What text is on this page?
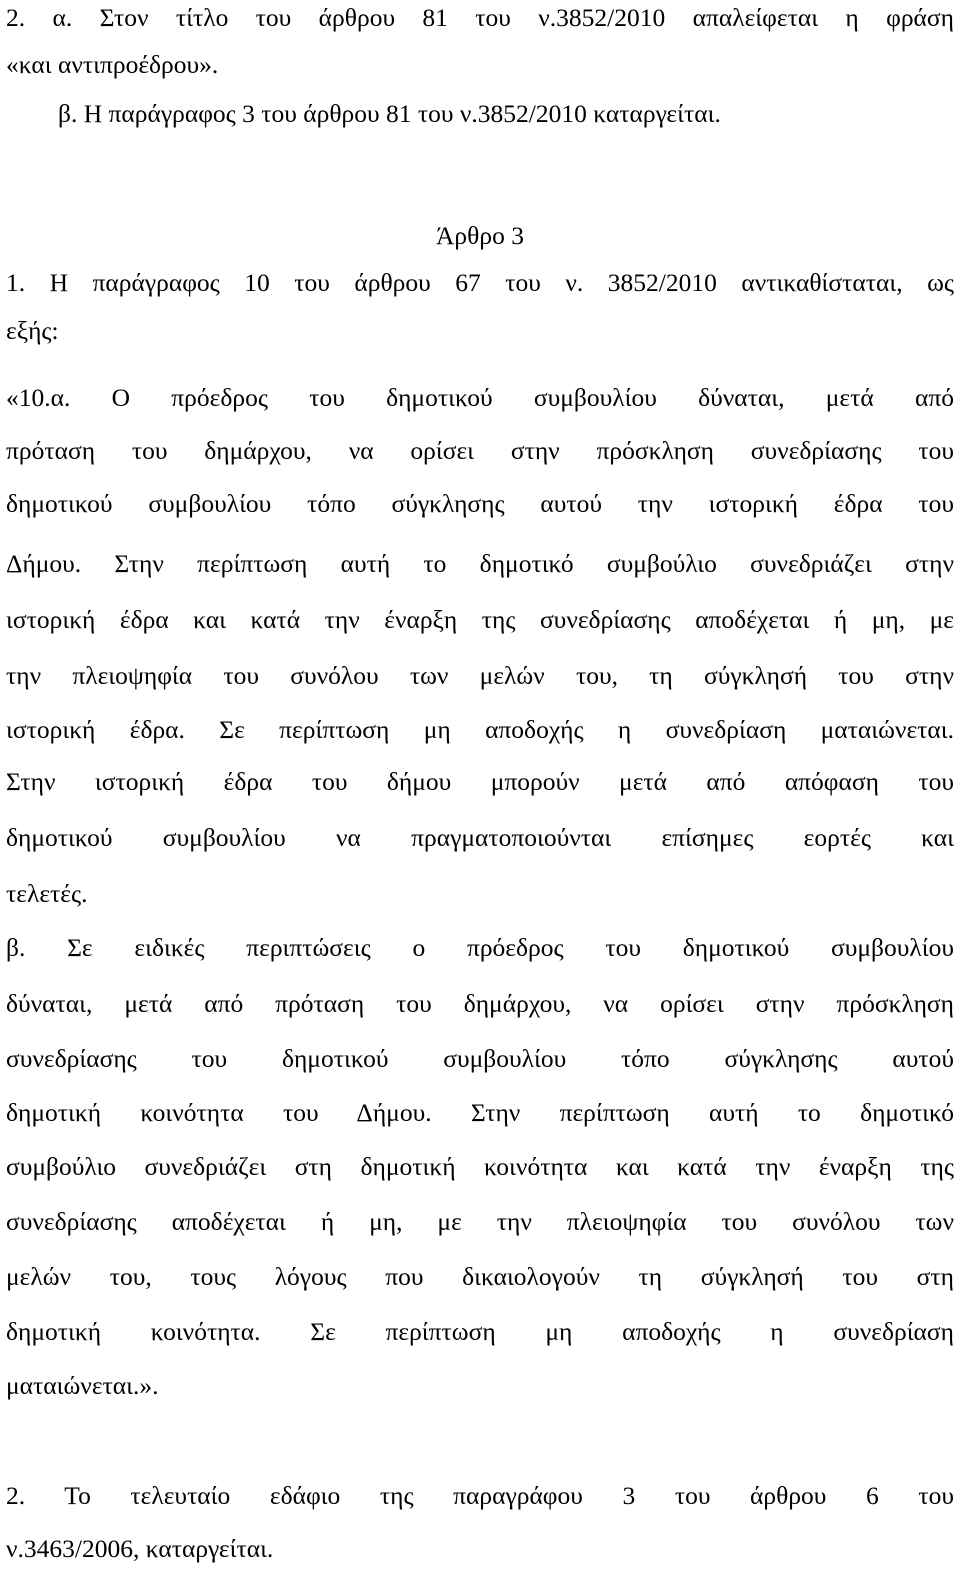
2. α. Στον τίτλο του άρθρου 81 του ν.3852/2010 απαλείφεται η φράση

«και αντιπροέδρου».

β. Η παράγραφος 3 του άρθρου 81 του ν.3852/2010 καταργείται.

Άρθρο 3

1. Η παράγραφος 10 του άρθρου 67 του ν. 3852/2010 αντικαθίσταται, ως

εξής:

«10.α. Ο πρόεδρος του δημοτικού συμβουλίου δύναται, μετά από

πρόταση του δημάρχου, να ορίσει στην πρόσκληση συνεδρίασης του

δημοτικού συμβουλίου τόπο σύγκλησης αυτού την ιστορική έδρα του

Δήμου. Στην περίπτωση αυτή το δημοτικό συμβούλιο συνεδριάζει στην

ιστορική έδρα και κατά την έναρξη της συνεδρίασης αποδέχεται ή μη, με

την πλειοψηφία του συνόλου των μελών του, τη σύγκλησή του στην

ιστορική έδρα. Σε περίπτωση μη αποδοχής η συνεδρίαση ματαιώνεται.

Στην ιστορική έδρα του δήμου μπορούν μετά από απόφαση του

δημοτικού συμβουλίου να πραγματοποιούνται επίσημες εορτές και

τελετές.

β. Σε ειδικές περιπτώσεις ο πρόεδρος του δημοτικού συμβουλίου

δύναται, μετά από πρόταση του δημάρχου, να ορίσει στην πρόσκληση

συνεδρίασης του δημοτικού συμβουλίου τόπο σύγκλησης αυτού

δημοτική κοινότητα του Δήμου. Στην περίπτωση αυτή το δημοτικό

συμβούλιο συνεδριάζει στη δημοτική κοινότητα και κατά την έναρξη της

συνεδρίασης αποδέχεται ή μη, με την πλειοψηφία του συνόλου των

μελών του, τους λόγους που δικαιολογούν τη σύγκλησή του στη

δημοτική κοινότητα. Σε περίπτωση μη αποδοχής η συνεδρίαση

ματαιώνεται.».

2. Το τελευταίο εδάφιο της παραγράφου 3 του άρθρου 6 του

ν.3463/2006, καταργείται.
